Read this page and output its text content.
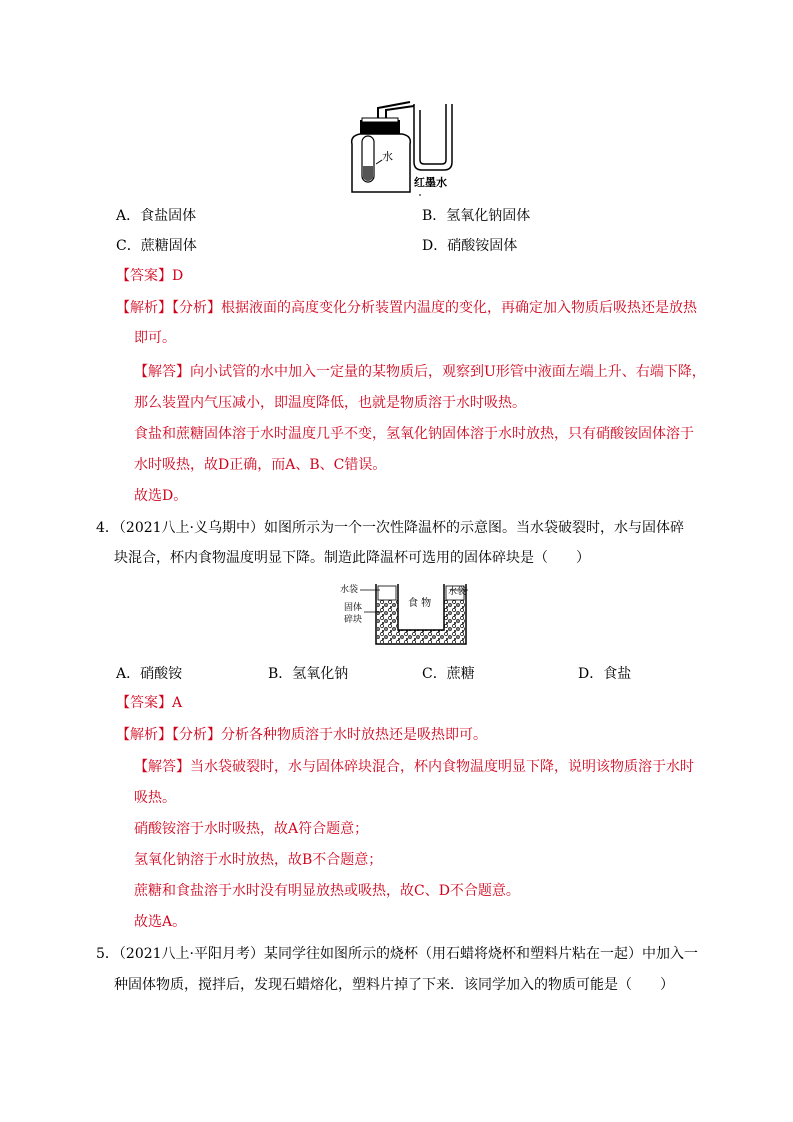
水
红墨水
A．食盐固体	B．氢氧化钠固体
C．蔗糖固体	D．硝酸铵固体
【答案】D
【解析】【分析】根据液面的高度变化分析装置内温度的变化，再确定加入物质后吸热还是放热
即可。
【解答】向小试管的水中加入一定量的某物质后，观察到U形管中液面左端上升、右端下降，
那么装置内气压减小，即温度降低，也就是物质溶于水时吸热。
食盐和蔗糖固体溶于水时温度几乎不变，氢氧化钠固体溶于水时放热，只有硝酸铵固体溶于
水时吸热，故D正确，而A、B、C错误。
故选D。
4．（2021八上·义乌期中）如图所示为一个一次性降温杯的示意图。当水袋破裂时，水与固体碎
块混合，杯内食物温度明显下降。制造此降温杯可选用的固体碎块是（　　）
水袋	水袋
固体
碎块
食 物
A．硝酸铵	B．氢氧化钠	C．蔗糖	D．食盐
【答案】A
【解析】【分析】分析各种物质溶于水时放热还是吸热即可。
【解答】当水袋破裂时，水与固体碎块混合，杯内食物温度明显下降，说明该物质溶于水时
吸热。
硝酸铵溶于水时吸热，故A符合题意；
氢氧化钠溶于水时放热，故B不合题意；
蔗糖和食盐溶于水时没有明显放热或吸热，故C、D不合题意。
故选A。
5．（2021八上·平阳月考）某同学往如图所示的烧杯（用石蜡将烧杯和塑料片粘在一起）中加入一
种固体物质，搅拌后，发现石蜡熔化，塑料片掉了下来．该同学加入的物质可能是（　　）
